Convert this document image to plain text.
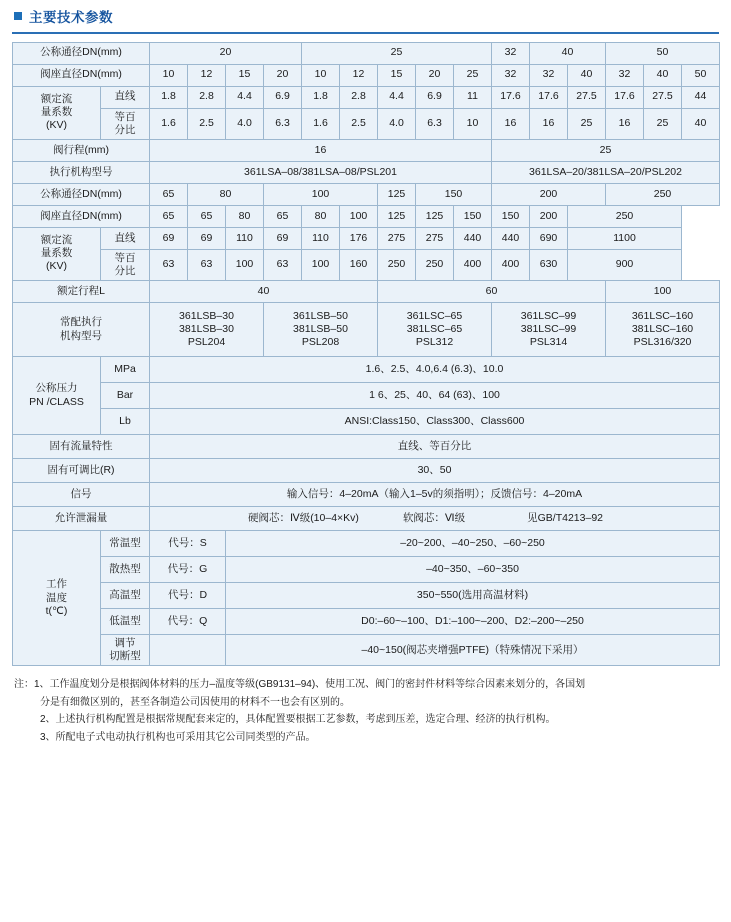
主要技术参数
公称通径DN(mm)		20				25					32	40		50		
阀座直径DN(mm)		10	12	15	20	10	12	15	20	25	32	32	40	32	40	50
额定流
量系数
(KV)	直线	1.8	2.8	4.4	6.9	1.8	2.8	4.4	6.9	11	17.6	17.6	27.5	17.6	27.5	44
	等百
分比	1.6	2.5	4.0	6.3	1.6	2.5	4.0	6.3	10	16	16	25	16	25	40
阀行程(mm)		16									25					
执行机构型号		361LSA–08/381LSA–08/PSL201									361LSA–20/381LSA–20/PSL202					
公称通径DN(mm)		65	80		100			125	150		200			250		
阀座直径DN(mm)		65	65	80	65	80	100	125	125	150	150	200	250			
额定流
量系数
(KV)	直线	69	69	110	69	110	176	275	275	440	440	690	1100			
	等百
分比	63	63	100	63	100	160	250	250	400	400	630	900			
额定行程L		40						60						100		
常配执行
机构型号		361LSB–30
381LSB–30
PSL204			361LSB–50
381LSB–50
PSL208			361LSC–65
381LSC–65
PSL312			361LSC–99
381LSC–99
PSL314			361LSC–160
381LSC–160
PSL316/320		
公称压力
PN /CLASS	MPa	1.6、2.5、4.0,6.4 (6.3)、10.0														
	Bar	1 6、25、40、64 (63)、100														
	Lb	ANSI:Class150、Class300、Class600														
固有流量特性		直线、等百分比														
固有可调比(R)		30、50														
信号		输入信号：4–20mA（输入1–5v的须指明）；反馈信号：4–20mA														
允许泄漏量		硬阀芯：Ⅳ级(10–4×Kv) 软阀芯：Ⅵ级 见GB/T4213–92														
工作
温度
t(℃)	常温型	代号：S		–20~200、–40~250、–60~250												
	散热型	代号：G		–40~350、–60~350												
	高温型	代号：D		350~550(选用高温材料)												
	低温型	代号：Q		D0:–60~–100、D1:–100~–200、D2:–200~–250												
	调节
切断型			–40~150(阀芯夹增强PTFE)（特殊情况下采用）												
注：1、工作温度划分是根据阀体材料的压力–温度等级(GB9131–94)、使用工况、阀门的密封件材料等综合因素来划分的，各国划
分是有细微区别的，甚至各制造公司因使用的材料不一也会有区别的。
2、上述执行机构配置是根据常规配套来定的，具体配置要根据工艺参数，考虑到压差，选定合理、经济的执行机构。
3、所配电子式电动执行机构也可采用其它公司同类型的产品。
